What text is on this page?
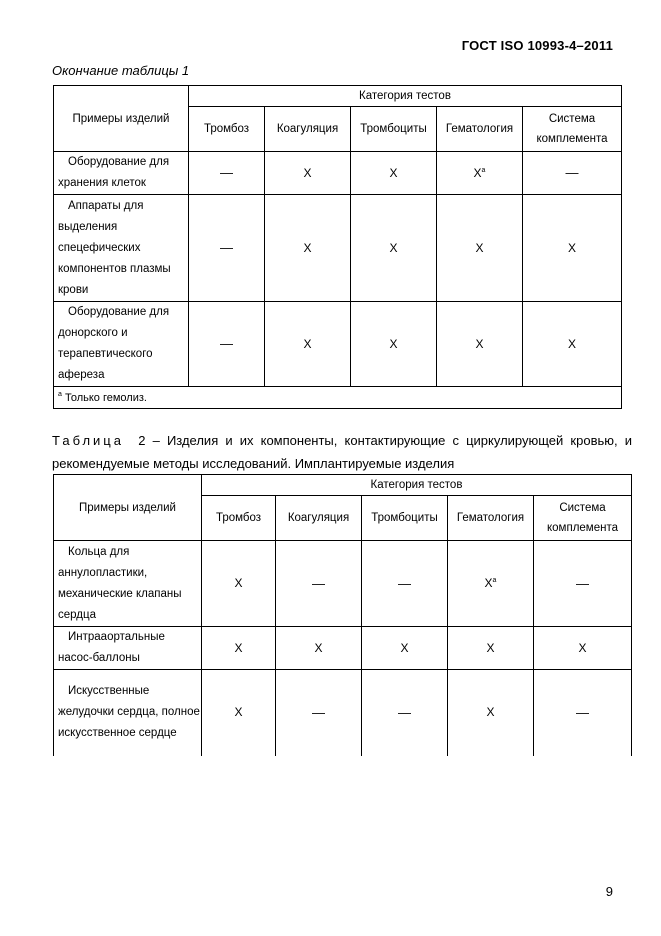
ГОСТ ISO 10993-4–2011
Окончание таблицы 1
Примеры изделий	Категория тестов				
	Тромбоз	Коагуляция	Тромбоциты	Гематология	Система комплемента
Оборудование для хранения клеток	—	X	X	$X^a$	—
Аппараты для выделения спецефических компонентов плазмы крови	—	X	X	X	X
Оборудование для донорского и терапевтического афереза	—	X	X	X	X
$^a$ Только гемолиз.					
Таблица 2 – Изделия и их компоненты, контактирующие с циркулирующей кровью, и рекомендуемые методы исследований. Имплантируемые изделия
Примеры изделий	Категория тестов				
	Тромбоз	Коагуляция	Тромбоциты	Гематология	Система комплемента
Кольца для аннулопластики, механические клапаны сердца	X	—	—	$X^a$	—
Интрааортальные насос-баллоны	X	X	X	X	X
Искусственные желудочки сердца, полное искусственное сердце	X	—	—	X	—
9
